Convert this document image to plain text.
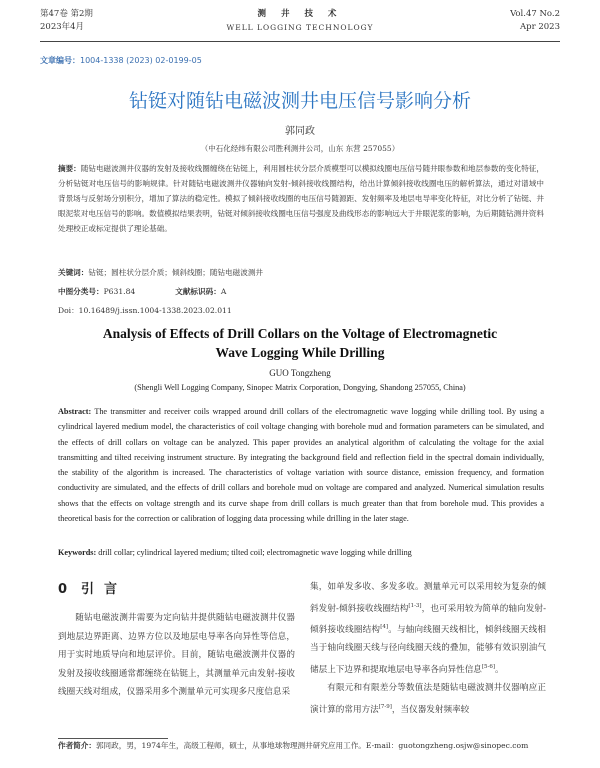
第47卷 第2期
2023年4月
测 井 技 术
WELL LOGGING TECHNOLOGY
Vol.47 No.2
Apr 2023
文章编号：1004-1338 (2023) 02-0199-05
钻铤对随钻电磁波测井电压信号影响分析
郭同政
（中石化经纬有限公司胜利测井公司，山东 东营 257055）
摘要：随钻电磁波测井仪器的发射及接收线圈缠绕在钻铤上，利用圆柱状分层介质模型可以模拟线圈电压信号随井眼参数和地层参数的变化特征，分析钻铤对电压信号的影响规律。针对随钻电磁波测井仪器轴向发射-倾斜接收线圈结构，给出计算倾斜接收线圈电压的解析算法，通过对谱域中背景场与反射场分别积分，增加了算法的稳定性。模拟了倾斜接收线圈的电压信号随源距、发射频率及地层电导率变化特征，对比分析了钻铤、井眼泥浆对电压信号的影响。数值模拟结果表明，钻铤对倾斜接收线圈电压信号强度及曲线形态的影响远大于井眼泥浆的影响，为后期随钻测井资料处理校正或标定提供了理论基础。
关键词：钻铤；圆柱状分层介质；倾斜线圈；随钻电磁波测井
中图分类号：P631.84	文献标识码：A
Doi：10.16489/j.issn.1004-1338.2023.02.011
Analysis of Effects of Drill Collars on the Voltage of Electromagnetic
Wave Logging While Drilling
GUO Tongzheng
(Shengli Well Logging Company, Sinopec Matrix Corporation, Dongying, Shandong 257055, China)
Abstract: The transmitter and receiver coils wrapped around drill collars of the electromagnetic wave logging while drilling tool. By using a cylindrical layered medium model, the characteristics of coil voltage changing with borehole mud and formation parameters can be simulated, and the effects of drill collars on voltage can be analyzed. This paper provides an analytical algorithm of calculating the voltage for the axial transmitting and tilted receiving instrument structure. By integrating the background field and reflection field in the spectral domain individually, the stability of the algorithm is increased. The characteristics of voltage variation with source distance, emission frequency, and formation conductivity are simulated, and the effects of drill collars and borehole mud on voltage are compared and analyzed. Numerical simulation results shows that the effects on voltage strength and its curve shape from drill collars is much greater than that from borehole mud. This provides a theoretical basis for the correction or calibration of logging data processing while drilling in the later stage.
Keywords: drill collar; cylindrical layered medium; tilted coil; electromagnetic wave logging while drilling
0 引言
随钻电磁波测井需要为定向钻井提供随钻电磁波测井仪器到地层边界距离、边界方位以及地层电导率各向异性等信息，用于实时地质导向和地层评价。目前，随钻电磁波测井仪器的发射及接收线圈通常都缠绕在钻铤上，其测量单元由发射-接收线圈天线对组成，仪器采用多个测量单元可实现多尺度信息采

集，如单发多收、多发多收。测量单元可以采用较为复杂的倾斜发射-倾斜接收线圈结构[1-3]，也可采用较为简单的轴向发射-倾斜接收线圈结构[4]。与轴向线圈天线相比，倾斜线圈天线相当于轴向线圈天线与径向线圈天线的叠加，能够有效识别油气储层上下边界和提取地层电导率各向异性信息[5-6]。

有限元和有限差分等数值法是随钻电磁波测井仪器响应正演计算的常用方法[7-9]，当仪器发射频率较

作者简介：郭同政，男，1974年生，高级工程师，硕士，从事地球物理测井研究应用工作。E-mail：guotongzheng.osjw@sinopec.com
